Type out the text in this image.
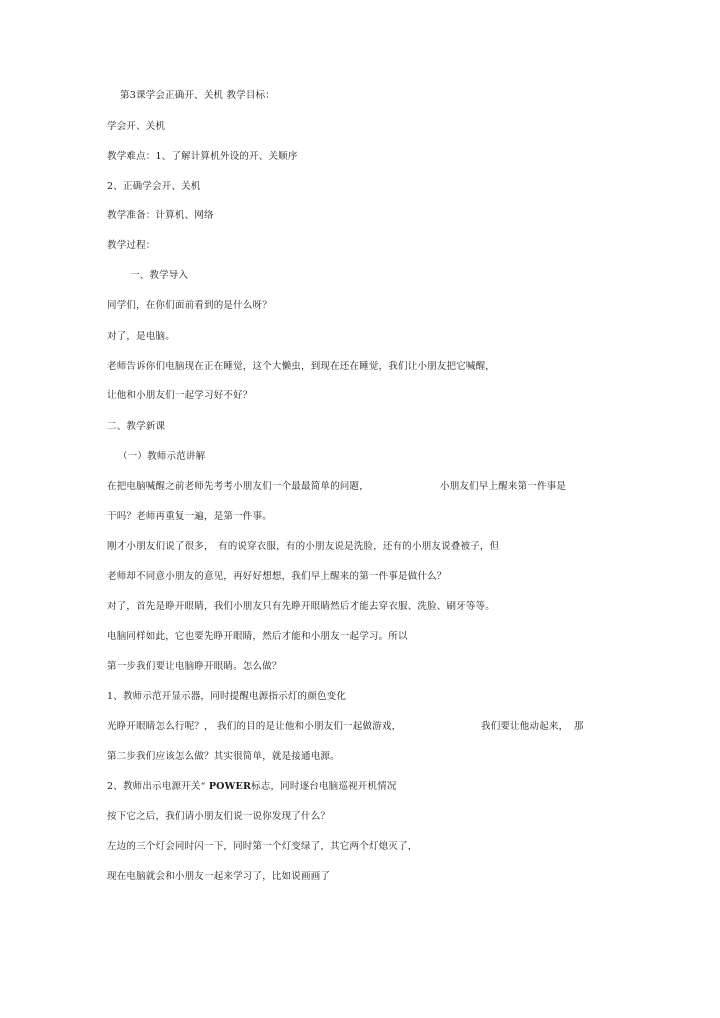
第3课学会正确开、关机 教学目标：
学会开、关机
教学难点：1、了解计算机外设的开、关顺序
2、正确学会开、关机
教学准备：计算机、网络
教学过程：
一、教学导入
同学们，在你们面前看到的是什么呀？
对了，是电脑。
老师告诉你们电脑现在正在睡觉，这个大懒虫，到现在还在睡觉，我们让小朋友把它喊醒，
让他和小朋友们一起学习好不好？
二、教学新课
（一）教师示范讲解
在把电脑喊醒之前老师先考考小朋友们一个最最简单的问题，	小朋友们早上醒来第一件事是
干吗？老师再重复一遍，是第一件事。
刚才小朋友们说了很多， 有的说穿衣服，有的小朋友说是洗脸，还有的小朋友说叠被子，但
老师却不同意小朋友的意见，再好好想想，我们早上醒来的第一件事是做什么？
对了，首先是睁开眼睛，我们小朋友只有先睁开眼睛然后才能去穿衣服、洗脸、刷牙等等。
电脑同样如此，它也要先睁开眼睛，然后才能和小朋友一起学习。所以
第一步我们要让电脑睁开眼睛。怎么做？
1、教师示范开显示器，同时提醒电源指示灯的颜色变化
光睁开眼睛怎么行呢？， 我们的目的是让他和小朋友们一起做游戏，	我们要让他动起来， 那
第二步我们应该怎么做？其实很简单，就是接通电源。
2、教师出示电源开关“ POWER标志，同时逐台电脑巡视开机情况
按下它之后，我们请小朋友们说一说你发现了什么？
左边的三个灯会同时闪一下，同时第一个灯变绿了，其它两个灯熄灭了，
现在电脑就会和小朋友一起来学习了，比如说画画了
